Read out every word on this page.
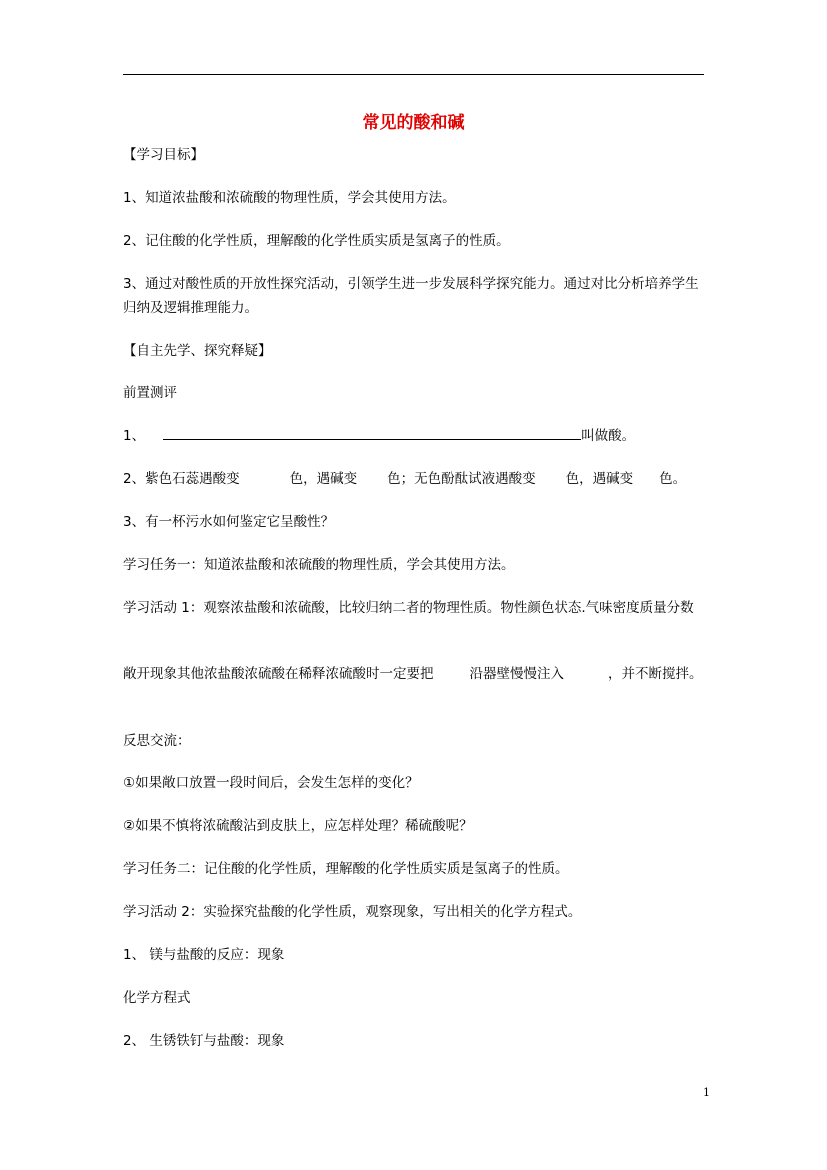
常见的酸和碱
【学习目标】
1、知道浓盐酸和浓硫酸的物理性质，学会其使用方法。
2、记住酸的化学性质，理解酸的化学性质实质是氢离子的性质。
3、通过对酸性质的开放性探究活动，引领学生进一步发展科学探究能力。通过对比分析培养学生归纳及逻辑推理能力。
【自主先学、探究释疑】
前置测评
1、	叫做酸。
2、紫色石蕊遇酸变	色，遇碱变 色；无色酚酞试液遇酸变 色，遇碱变 色。
3、有一杯污水如何鉴定它呈酸性？
学习任务一：知道浓盐酸和浓硫酸的物理性质，学会其使用方法。
学习活动 1：观察浓盐酸和浓硫酸，比较归纳二者的物理性质。物性颜色状态.气味密度质量分数
敞开现象其他浓盐酸浓硫酸在稀释浓硫酸时一定要把	沿器壁慢慢注入	，并不断搅拌。
反思交流：
①如果敞口放置一段时间后，会发生怎样的变化？
②如果不慎将浓硫酸沾到皮肤上，应怎样处理？稀硫酸呢？
学习任务二：记住酸的化学性质，理解酸的化学性质实质是氢离子的性质。
学习活动 2：实验探究盐酸的化学性质，观察现象，写出相关的化学方程式。
1、 镁与盐酸的反应：现象
化学方程式
2、 生锈铁钉与盐酸：现象
1
